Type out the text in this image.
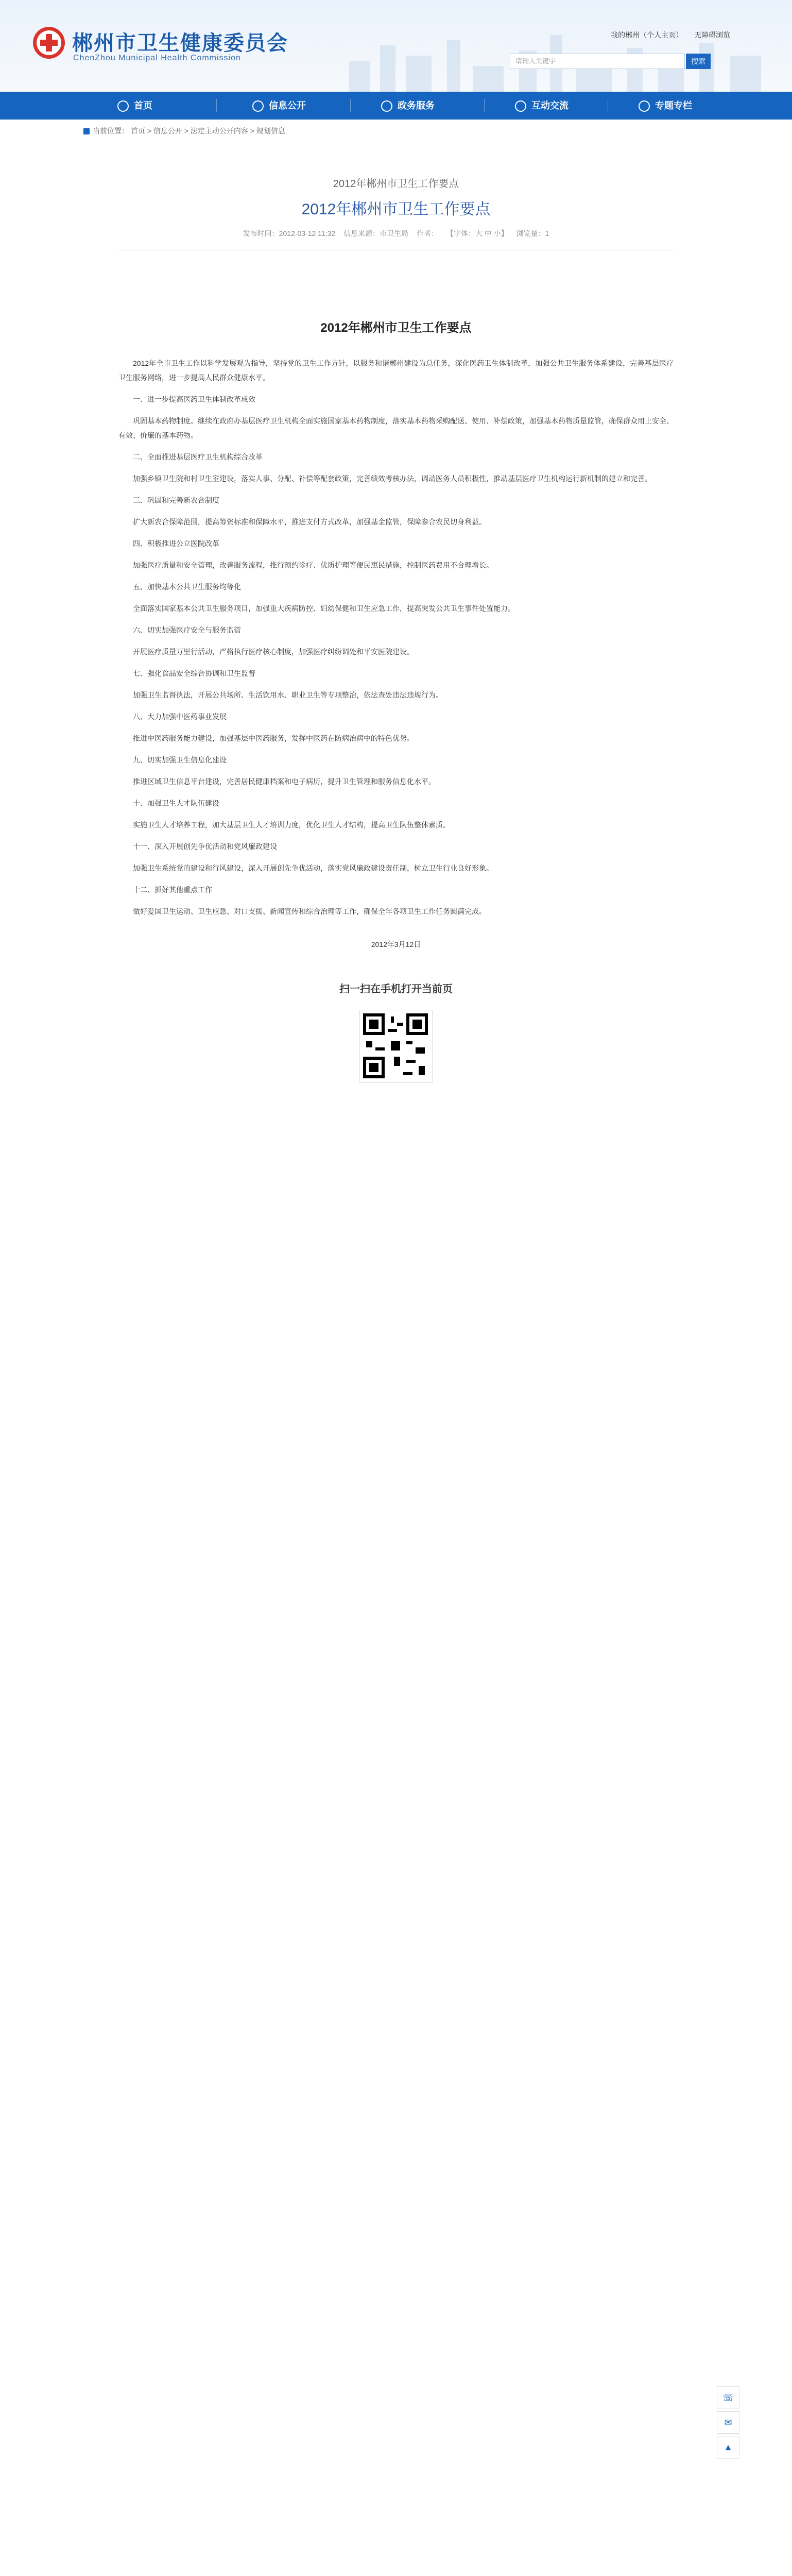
郴州市卫生健康委员会
ChenZhou Municipal Health Commission
我的郴州（个人主页） 无障碍浏览
请输入关键字	搜索
首页	信息公开	政务服务	互动交流	专题专栏
当前位置： 首页 > 信息公开 > 法定主动公开内容 > 规划信息
2012年郴州市卫生工作要点
2012年郴州市卫生工作要点
发布时间：2012-03-12 11:32 信息来源：市卫生局 作者： 【字体：大 中 小】 浏览量：1
2012年郴州市卫生工作要点

2012年全市卫生工作以科学发展观为指导，坚持党的卫生工作方针，以服务和谐郴州建设为总任务，深化医药卫生体制改革，加强公共卫生服务体系建设，完善基层医疗卫生服务网络，进一步提高人民群众健康水平。

一、进一步提高医药卫生体制改革成效

巩固基本药物制度。继续在政府办基层医疗卫生机构全面实施国家基本药物制度，落实基本药物采购配送、使用、补偿政策，加强基本药物质量监管，确保群众用上安全、有效、价廉的基本药物。

二、全面推进基层医疗卫生机构综合改革

加强乡镇卫生院和村卫生室建设，落实人事、分配、补偿等配套政策，完善绩效考核办法，调动医务人员积极性，推动基层医疗卫生机构运行新机制的建立和完善。

三、巩固和完善新农合制度

扩大新农合保障范围，提高筹资标准和保障水平，推进支付方式改革，加强基金监管，保障参合农民切身利益。

四、积极推进公立医院改革

加强医疗质量和安全管理，改善服务流程，推行预约诊疗、优质护理等便民惠民措施，控制医药费用不合理增长。

五、加快基本公共卫生服务均等化

全面落实国家基本公共卫生服务项目，加强重大疾病防控、妇幼保健和卫生应急工作，提高突发公共卫生事件处置能力。

六、切实加强医疗安全与服务监管

开展医疗质量万里行活动，严格执行医疗核心制度，加强医疗纠纷调处和平安医院建设。

七、强化食品安全综合协调和卫生监督

加强卫生监督执法，开展公共场所、生活饮用水、职业卫生等专项整治，依法查处违法违规行为。

八、大力加强中医药事业发展

推进中医药服务能力建设，加强基层中医药服务，发挥中医药在防病治病中的特色优势。

九、切实加强卫生信息化建设

推进区域卫生信息平台建设，完善居民健康档案和电子病历，提升卫生管理和服务信息化水平。

十、加强卫生人才队伍建设

实施卫生人才培养工程，加大基层卫生人才培训力度，优化卫生人才结构，提高卫生队伍整体素质。

十一、深入开展创先争优活动和党风廉政建设

加强卫生系统党的建设和行风建设，深入开展创先争优活动，落实党风廉政建设责任制，树立卫生行业良好形象。

十二、抓好其他重点工作

做好爱国卫生运动、卫生应急、对口支援、新闻宣传和综合治理等工作，确保全年各项卫生工作任务圆满完成。

2012年3月12日
扫一扫在手机打开当前页
☏
✉
▲
